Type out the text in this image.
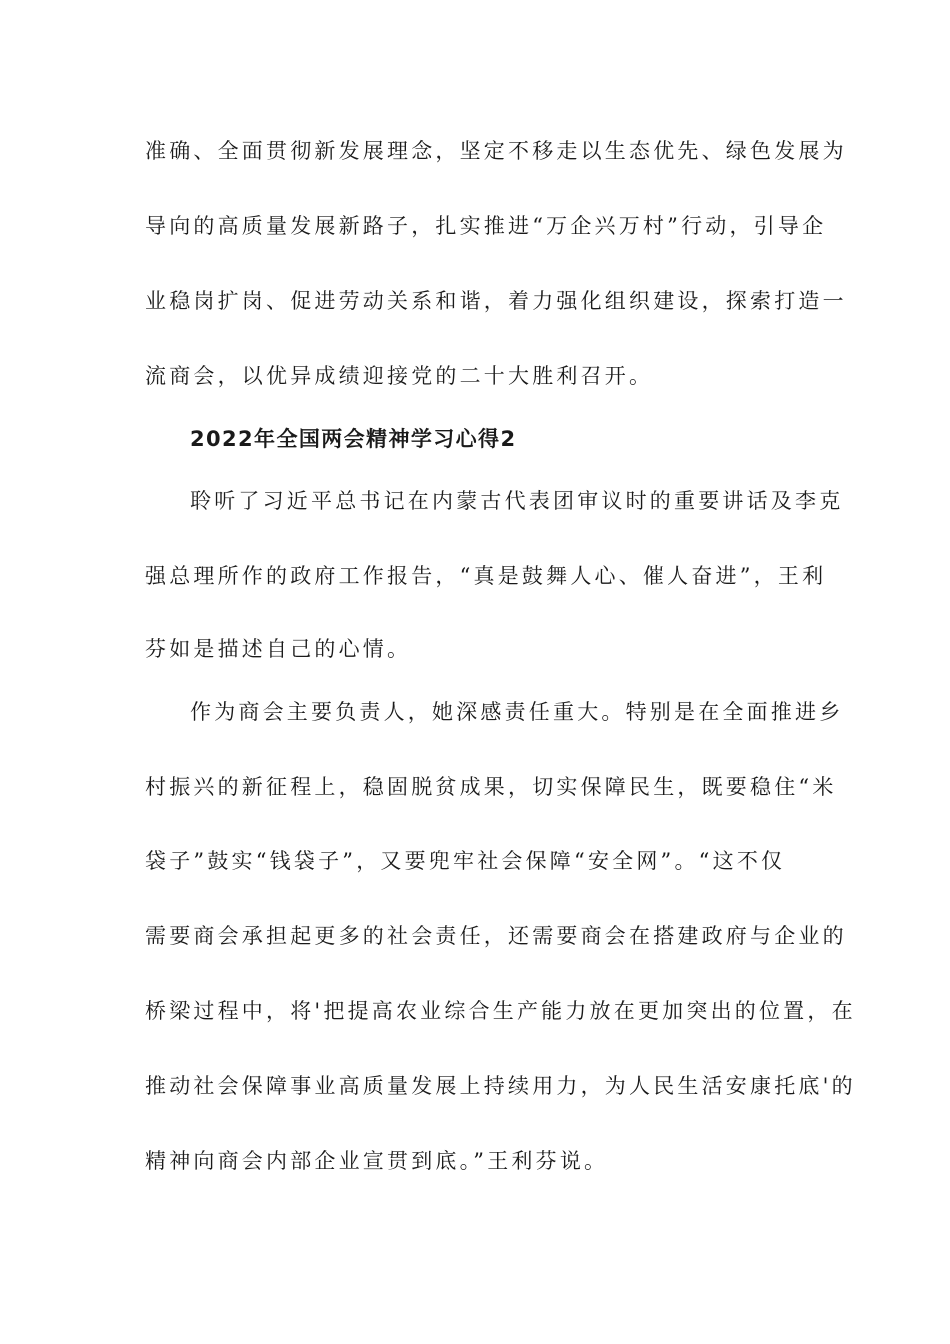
准确、全面贯彻新发展理念，坚定不移走以生态优先、绿色发展为
导向的高质量发展新路子，扎实推进“万企兴万村”行动，引导企
业稳岗扩岗、促进劳动关系和谐，着力强化组织建设，探索打造一
流商会，以优异成绩迎接党的二十大胜利召开。
2022年全国两会精神学习心得2
聆听了习近平总书记在内蒙古代表团审议时的重要讲话及李克
强总理所作的政府工作报告，“真是鼓舞人心、催人奋进”，王利
芬如是描述自己的心情。
作为商会主要负责人，她深感责任重大。特别是在全面推进乡
村振兴的新征程上，稳固脱贫成果，切实保障民生，既要稳住“米
袋子”鼓实“钱袋子”，又要兜牢社会保障“安全网”。“这不仅
需要商会承担起更多的社会责任，还需要商会在搭建政府与企业的
桥梁过程中，将'把提高农业综合生产能力放在更加突出的位置，在
推动社会保障事业高质量发展上持续用力，为人民生活安康托底'的
精神向商会内部企业宣贯到底。”王利芬说。
